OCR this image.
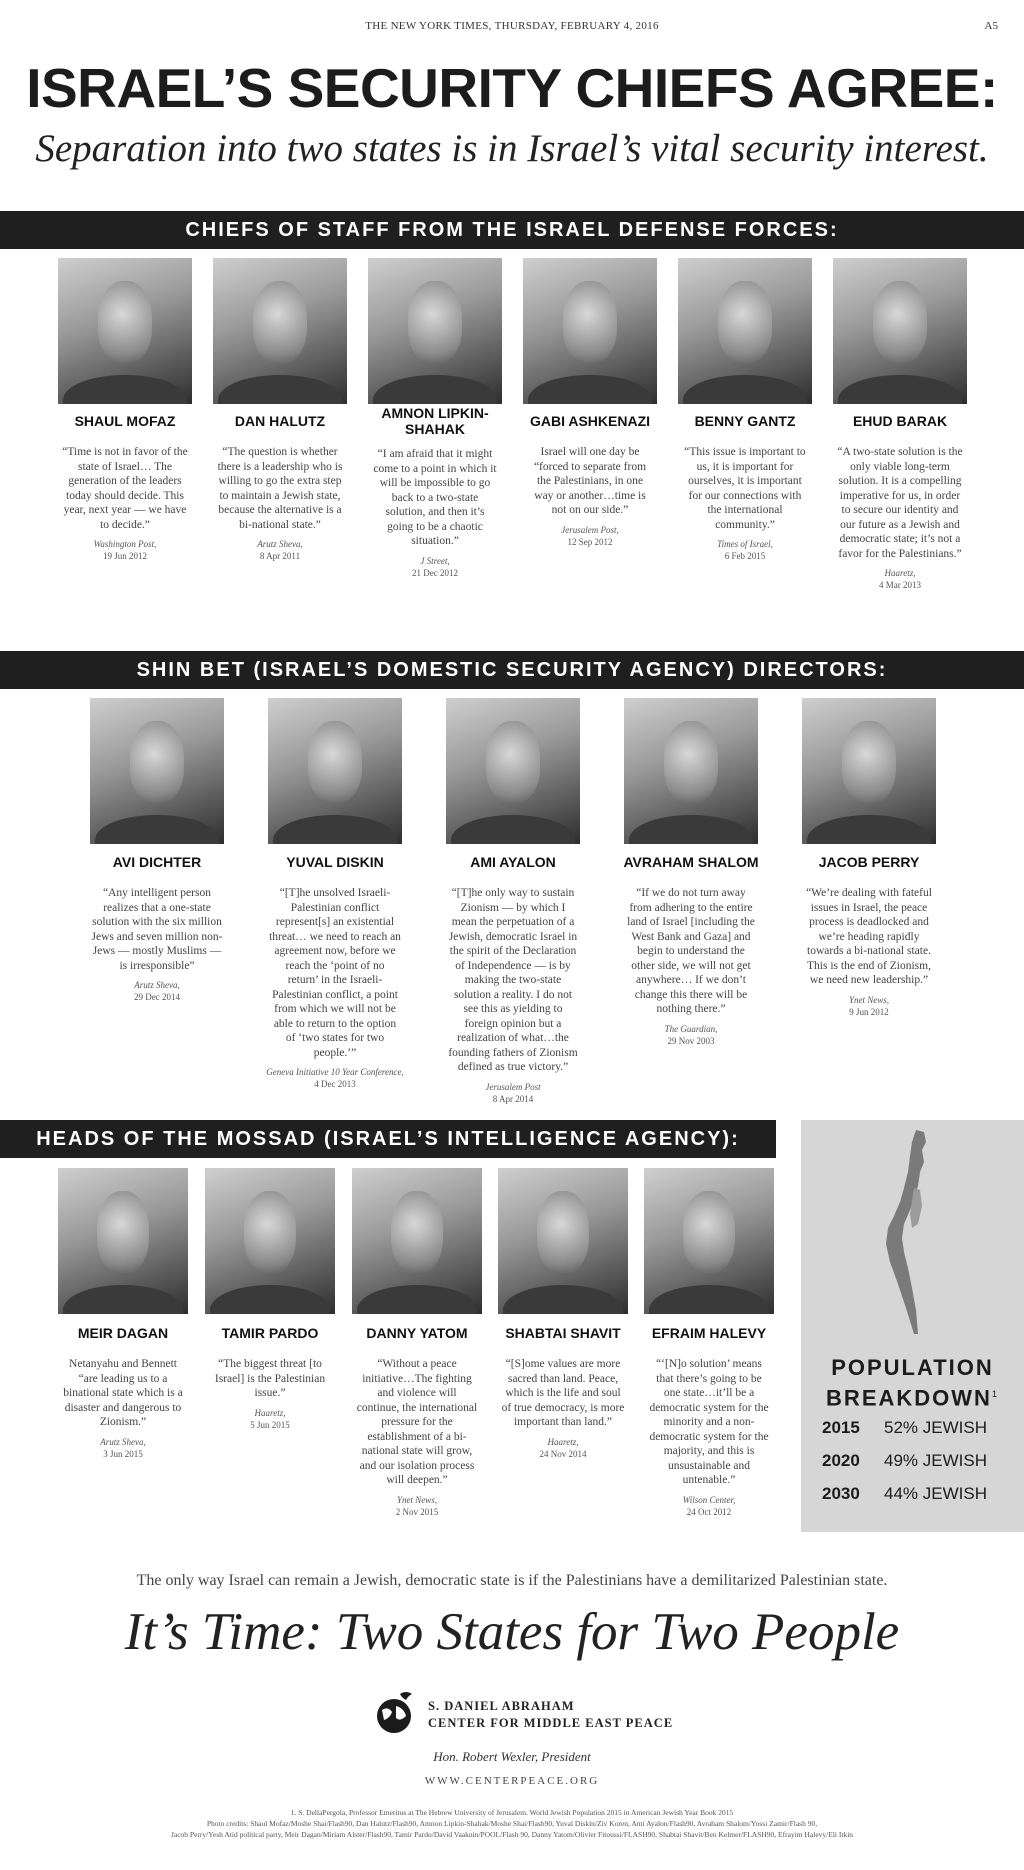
THE NEW YORK TIMES, THURSDAY, FEBRUARY 4, 2016	A5
ISRAEL’S SECURITY CHIEFS AGREE:
Separation into two states is in Israel’s vital security interest.
CHIEFS OF STAFF FROM THE ISRAEL DEFENSE FORCES:
SHIN BET (ISRAEL’S DOMESTIC SECURITY AGENCY) DIRECTORS:
HEADS OF THE MOSSAD (ISRAEL’S INTELLIGENCE AGENCY):
SHAUL MOFAZ
“Time is not in favor of the state of Israel… The generation of the leaders today should decide. This year, next year — we have to decide.”
Washington Post,
19 Jun 2012
DAN HALUTZ
“The question is whether there is a leadership who is willing to go the extra step to maintain a Jewish state, because the alternative is a bi-national state.”
Arutz Sheva,
8 Apr 2011
AMNON LIPKIN-SHAHAK
“I am afraid that it might come to a point in which it will be impossible to go back to a two-state solution, and then it’s going to be a chaotic situation.”
J Street,
21 Dec 2012
GABI ASHKENAZI
Israel will one day be “forced to separate from the Palestinians, in one way or another…time is not on our side.”
Jerusalem Post,
12 Sep 2012
BENNY GANTZ
“This issue is important to us, it is important for ourselves, it is important for our connections with the international community.”
Times of Israel,
6 Feb 2015
EHUD BARAK
“A two-state solution is the only viable long-term solution. It is a compelling imperative for us, in order to secure our identity and our future as a Jewish and democratic state; it’s not a favor for the Palestinians.”
Haaretz,
4 Mar 2013
AVI DICHTER
“Any intelligent person realizes that a one-state solution with the six million Jews and seven million non-Jews — mostly Muslims — is irresponsible”
Arutz Sheva,
29 Dec 2014
YUVAL DISKIN
“[T]he unsolved Israeli-Palestinian conflict represent[s] an existential threat… we need to reach an agreement now, before we reach the ‘point of no return’ in the Israeli-Palestinian conflict, a point from which we will not be able to return to the option of ‘two states for two people.’”
Geneva Initiative 10 Year Conference,
4 Dec 2013
AMI AYALON
“[T]he only way to sustain Zionism — by which I mean the perpetuation of a Jewish, democratic Israel in the spirit of the Declaration of Independence — is by making the two-state solution a reality. I do not see this as yielding to foreign opinion but a realization of what…the founding fathers of Zionism defined as true victory.”
Jerusalem Post
8 Apr 2014
AVRAHAM SHALOM
“If we do not turn away from adhering to the entire land of Israel [including the West Bank and Gaza] and begin to understand the other side, we will not get anywhere… If we don’t change this there will be nothing there.”
The Guardian,
29 Nov 2003
JACOB PERRY
“We’re dealing with fateful issues in Israel, the peace process is deadlocked and we’re heading rapidly towards a bi-national state. This is the end of Zionism, we need new leadership.”
Ynet News,
9 Jun 2012
MEIR DAGAN
Netanyahu and Bennett “are leading us to a binational state which is a disaster and dangerous to Zionism.”
Arutz Sheva,
3 Jun 2015
TAMIR PARDO
“The biggest threat [to Israel] is the Palestinian issue.”
Haaretz,
5 Jun 2015
DANNY YATOM
“Without a peace initiative…The fighting and violence will continue, the international pressure for the establishment of a bi-national state will grow, and our isolation process will deepen.”
Ynet News,
2 Nov 2015
SHABTAI SHAVIT
“[S]ome values are more sacred than land. Peace, which is the life and soul of true democracy, is more important than land.”
Haaretz,
24 Nov 2014
EFRAIM HALEVY
“‘[N]o solution’ means that there’s going to be one state…it’ll be a democratic system for the minority and a non-democratic system for the majority, and this is unsustainable and untenable.”
Wilson Center,
24 Oct 2012
POPULATION
BREAKDOWN$^1$
2015 52% JEWISH
2020 49% JEWISH
2030 44% JEWISH
The only way Israel can remain a Jewish, democratic state is if the Palestinians have a demilitarized Palestinian state.
It’s Time: Two States for Two People
S. DANIEL ABRAHAM
CENTER FOR MIDDLE EAST PEACE
Hon. Robert Wexler, President
WWW.CENTERPEACE.ORG
1. S. DellaPergola, Professor Emeritus at The Hebrew University of Jerusalem. World Jewish Population 2015 in American Jewish Year Book 2015
Photo credits: Shaul Mofaz/Moshe Shai/Flash90, Dan Halutz/Flash90, Amnon Lipkin-Shahak/Moshe Shai/Flash90, Yuval Diskin/Ziv Koren, Ami Ayalon/Flash90, Avraham Shalom/Yossi Zamir/Flash 90,
Jacob Perry/Yesh Atid political party, Meir Dagan/Miriam Alster/Flash90, Tamir Pardo/David Vaaknin/POOL/Flash 90, Danny Yatom/Olivier Fitoussi/FLASH90, Shabtai Shavit/Ben Kelmer/FLASH90, Efrayim Halevy/Eli Itkin
